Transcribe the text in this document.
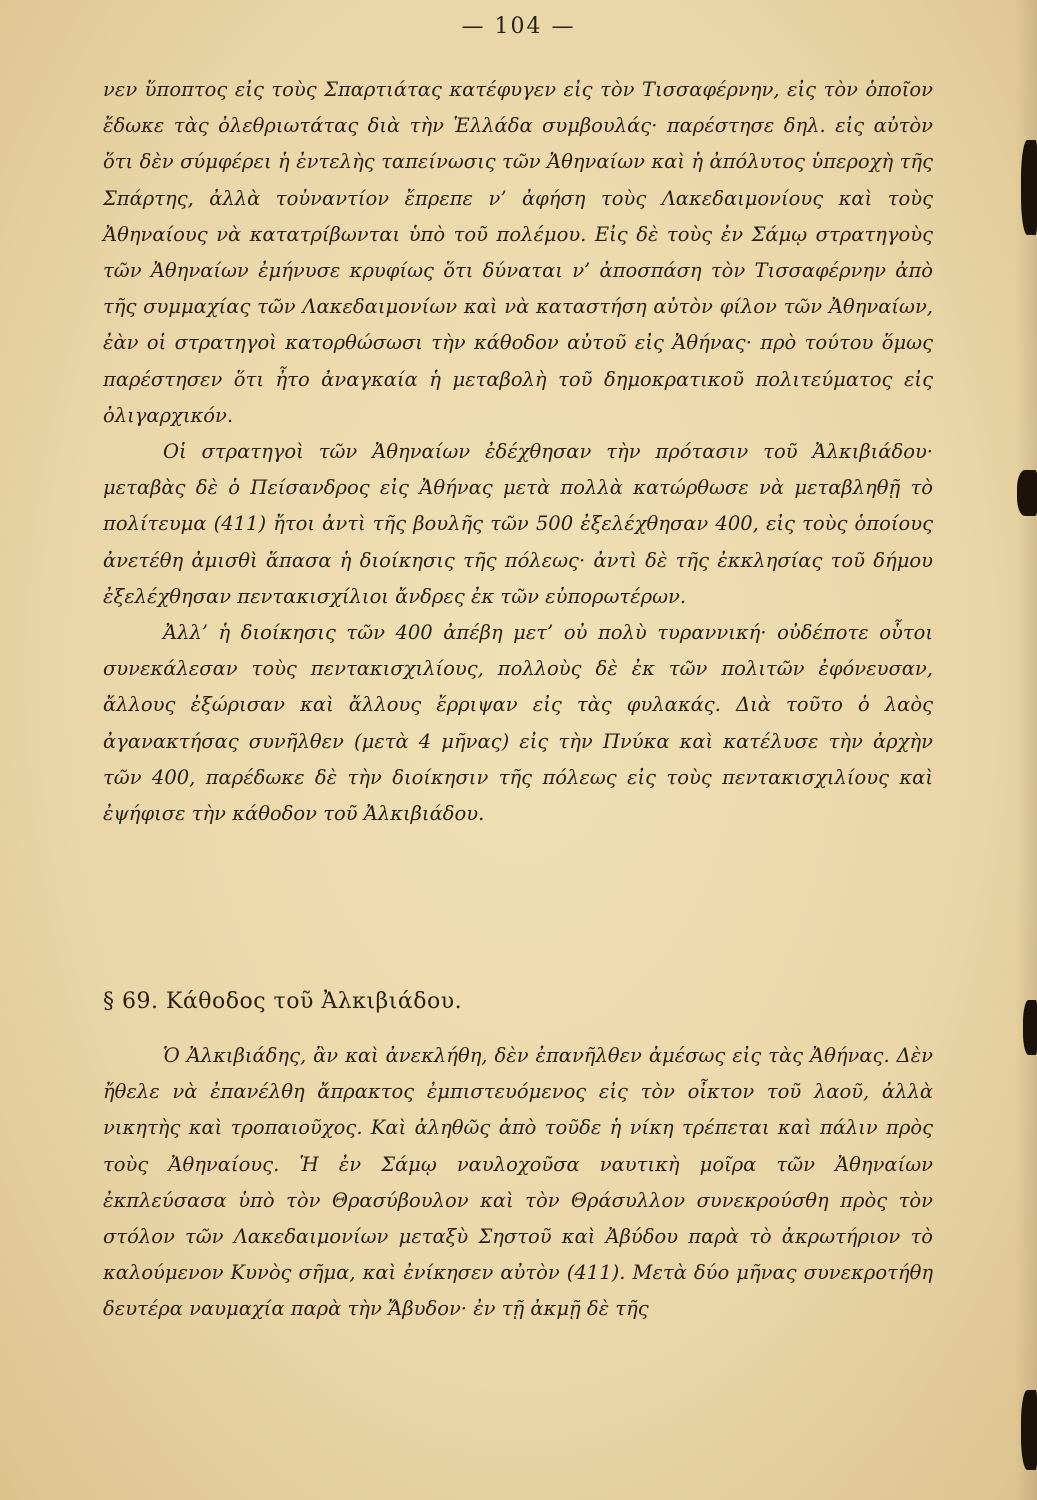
— 104 —

νεν ὕποπτος εἰς τοὺς Σπαρτιάτας κατέφυγεν εἰς τὸν Τισσαφέρνην, εἰς τὸν ὁποῖον ἔδωκε τὰς ὀλεθριωτάτας διὰ τὴν Ἑλλάδα συμβουλάς· παρέστησε δηλ. εἰς αὐτὸν ὅτι δὲν σύμφέρει ἡ ἐντελὴς ταπείνωσις τῶν Ἀθηναίων καὶ ἡ ἀπόλυτος ὑπεροχὴ τῆς Σπάρτης, ἀλλὰ τοὐναντίον ἔπρεπε ν’ ἀφήση τοὺς Λακεδαιμονίους καὶ τοὺς Ἀθηναίους νὰ κατατρίβωνται ὑπὸ τοῦ πολέμου. Εἰς δὲ τοὺς ἐν Σάμῳ στρατηγοὺς τῶν Ἀθηναίων ἐμήνυσε κρυφίως ὅτι δύναται ν’ ἀποσπάση τὸν Τισσαφέρνην ἀπὸ τῆς συμμαχίας τῶν Λακεδαιμονίων καὶ νὰ καταστήση αὐτὸν φίλον τῶν Ἀθηναίων, ἐὰν οἱ στρατηγοὶ κατορθώσωσι τὴν κάθοδον αὐτοῦ εἰς Ἀθήνας· πρὸ τούτου ὅμως παρέστησεν ὅτι ἦτο ἀναγκαία ἡ μεταβολὴ τοῦ δημοκρατικοῦ πολιτεύματος εἰς ὀλιγαρχικόν.

Οἱ στρατηγοὶ τῶν Ἀθηναίων ἐδέχθησαν τὴν πρότασιν τοῦ Ἀλκιβιάδου· μεταβὰς δὲ ὁ Πείσανδρος εἰς Ἀθήνας μετὰ πολλὰ κατώρθωσε νὰ μεταβληθῇ τὸ πολίτευμα (411) ἤτοι ἀντὶ τῆς βουλῆς τῶν 500 ἐξελέχθησαν 400, εἰς τοὺς ὁποίους ἀνετέθη ἀμισθὶ ἅπασα ἡ διοίκησις τῆς πόλεως· ἀντὶ δὲ τῆς ἐκκλησίας τοῦ δήμου ἐξελέχθησαν πεντακισχίλιοι ἄνδρες ἐκ τῶν εὐπορωτέρων.

Ἀλλ’ ἡ διοίκησις τῶν 400 ἀπέβη μετ’ οὐ πολὺ τυραννική· οὐδέποτε οὗτοι συνεκάλεσαν τοὺς πεντακισχιλίους, πολλοὺς δὲ ἐκ τῶν πολιτῶν ἐφόνευσαν, ἄλλους ἐξώρισαν καὶ ἄλλους ἔρριψαν εἰς τὰς φυλακάς. Διὰ τοῦτο ὁ λαὸς ἀγανακτήσας συνῆλθεν (μετὰ 4 μῆνας) εἰς τὴν Πνύκα καὶ κατέλυσε τὴν ἀρχὴν τῶν 400, παρέδωκε δὲ τὴν διοίκησιν τῆς πόλεως εἰς τοὺς πεντακισχιλίους καὶ ἐψήφισε τὴν κάθοδον τοῦ Ἀλκιβιάδου.

§ 69. Κάθοδος τοῦ Ἀλκιβιάδου.

Ὁ Ἀλκιβιάδης, ἂν καὶ ἀνεκλήθη, δὲν ἐπανῆλθεν ἀμέσως εἰς τὰς Ἀθήνας. Δὲν ἤθελε νὰ ἐπανέλθη ἄπρακτος ἐμπιστευόμενος εἰς τὸν οἶκτον τοῦ λαοῦ, ἀλλὰ νικητὴς καὶ τροπαιοῦχος. Καὶ ἀληθῶς ἀπὸ τοῦδε ἡ νίκη τρέπεται καὶ πάλιν πρὸς τοὺς Ἀθηναίους. Ἡ ἐν Σάμῳ ναυλοχοῦσα ναυτικὴ μοῖρα τῶν Ἀθηναίων ἐκπλεύσασα ὑπὸ τὸν Θρασύβουλον καὶ τὸν Θράσυλλον συνεκρούσθη πρὸς τὸν στόλον τῶν Λακεδαιμονίων μεταξὺ Σηστοῦ καὶ Ἀβύδου παρὰ τὸ ἀκρωτήριον τὸ καλούμενον Κυνὸς σῆμα, καὶ ἐνίκησεν αὐτὸν (411). Μετὰ δύο μῆνας συνεκροτήθη δευτέρα ναυμαχία παρὰ τὴν Ἄβυδον· ἐν τῇ ἀκμῇ δὲ τῆς
